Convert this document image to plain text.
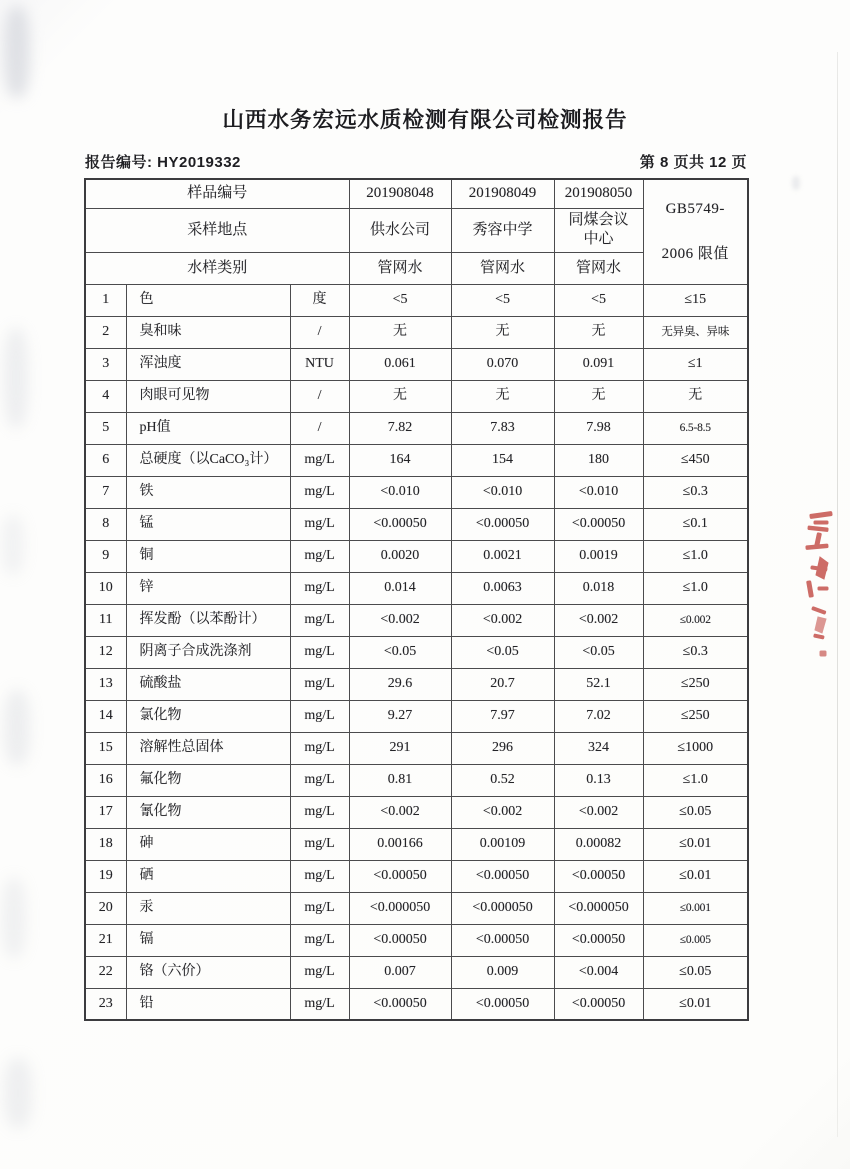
山西水务宏远水质检测有限公司检测报告
报告编号: HY2019332	第 8 页共 12 页
样品编号			201908048	201908049	201908050	GB5749-
2006 限值

采样地点			供水公司	秀容中学	同煤会议中心	
水样类别			管网水	管网水	管网水	
1	色	度	<5	<5	<5	≤15
2	臭和味	/	无	无	无	无异臭、异味
3	浑浊度	NTU	0.061	0.070	0.091	≤1
4	肉眼可见物	/	无	无	无	无
5	pH值	/	7.82	7.83	7.98	6.5-8.5
6	总硬度（以CaCO₃计）	mg/L	164	154	180	≤450
7	铁	mg/L	<0.010	<0.010	<0.010	≤0.3
8	锰	mg/L	<0.00050	<0.00050	<0.00050	≤0.1
9	铜	mg/L	0.0020	0.0021	0.0019	≤1.0
10	锌	mg/L	0.014	0.0063	0.018	≤1.0
11	挥发酚（以苯酚计）	mg/L	<0.002	<0.002	<0.002	≤0.002
12	阴离子合成洗涤剂	mg/L	<0.05	<0.05	<0.05	≤0.3
13	硫酸盐	mg/L	29.6	20.7	52.1	≤250
14	氯化物	mg/L	9.27	7.97	7.02	≤250
15	溶解性总固体	mg/L	291	296	324	≤1000
16	氟化物	mg/L	0.81	0.52	0.13	≤1.0
17	氰化物	mg/L	<0.002	<0.002	<0.002	≤0.05
18	砷	mg/L	0.00166	0.00109	0.00082	≤0.01
19	硒	mg/L	<0.00050	<0.00050	<0.00050	≤0.01
20	汞	mg/L	<0.000050	<0.000050	<0.000050	≤0.001
21	镉	mg/L	<0.00050	<0.00050	<0.00050	≤0.005
22	铬（六价）	mg/L	0.007	0.009	<0.004	≤0.05
23	铅	mg/L	<0.00050	<0.00050	<0.00050	≤0.01
